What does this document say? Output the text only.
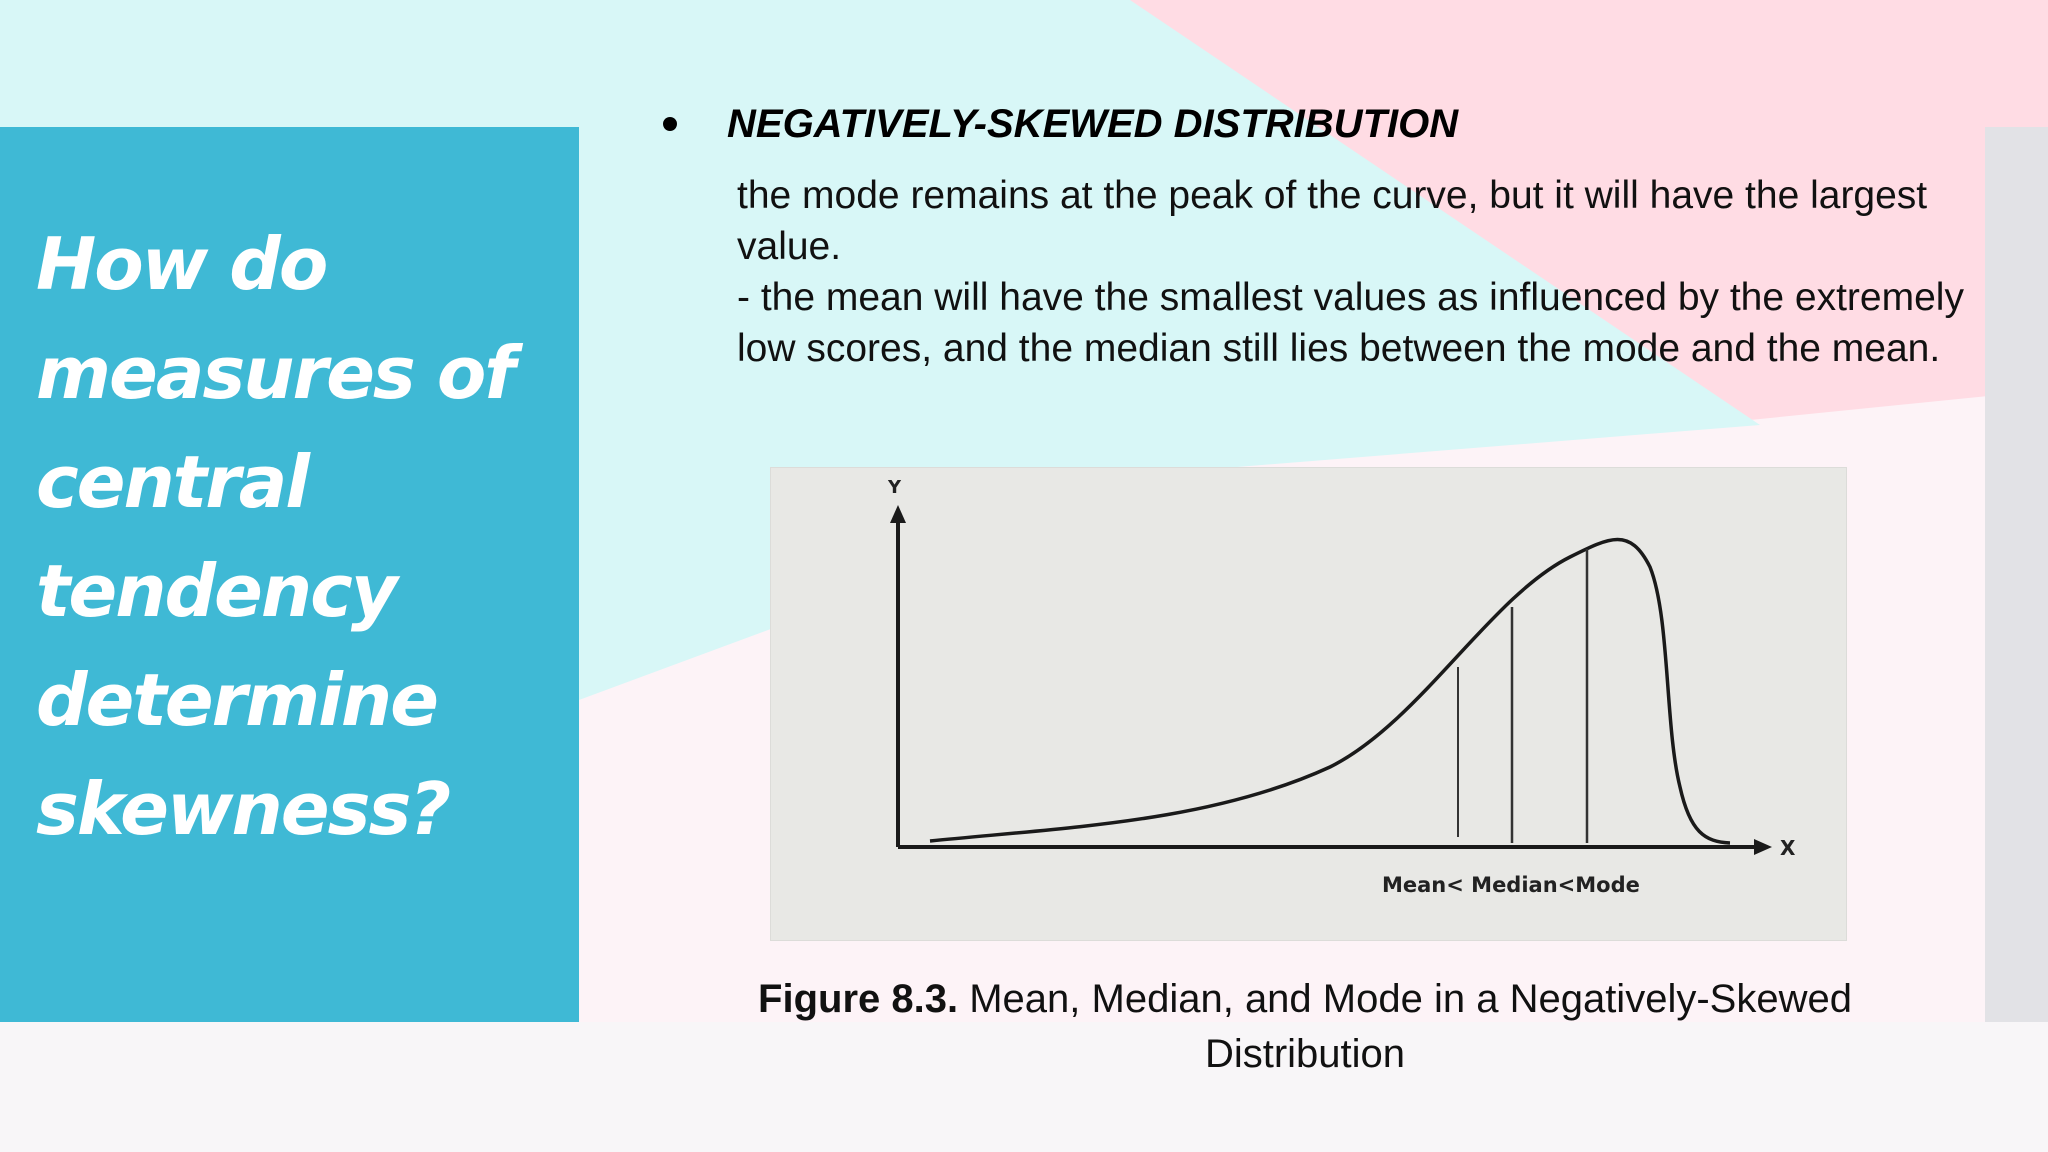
How do measures of central tendency determine skewness?
NEGATIVELY-SKEWED DISTRIBUTION

the mode remains at the peak of the curve, but it will have the largest value.
- the mean will have the smallest values as influenced by the extremely low scores, and the median still lies between the mode and the mean.

Y
X
Mean< Median<Mode

Figure 8.3. Mean, Median, and Mode in a Negatively-Skewed Distribution
